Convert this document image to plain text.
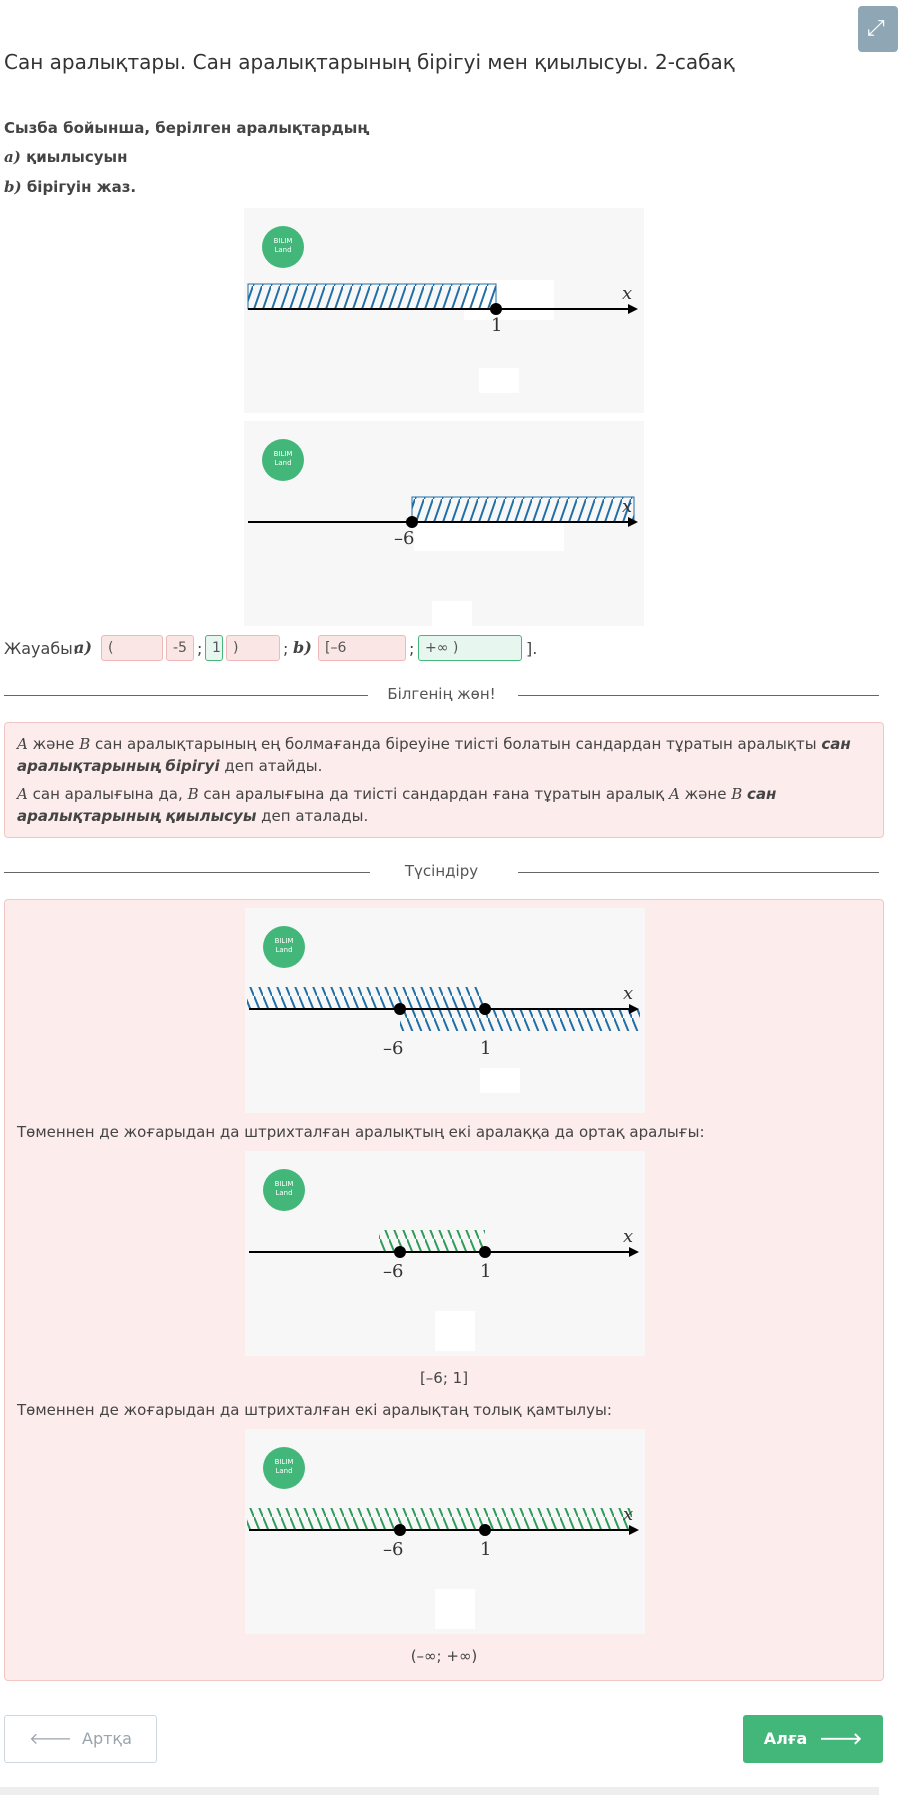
⤢
Сан аралықтары. Сан аралықтарының бірігуі мен қиылысуы. 2-сабақ
Сызба бойынша, берілген аралықтардың
a) қиылысуын
b) бірігуін жаз.
BILIM
Land
x
1
BILIM
Land
x
–6
Жауабы:
a)	(	-5 ; 1 )	; b) [–6	; +∞ )	].
Білгенің жөн!

A және B сан аралықтарының ең болмағанда біреуіне тиісті болатын сандардан тұратын аралықты сан аралықтарының бірігуі деп атайды.

A сан аралығына да, B сан аралығына да тиісті сандардан ғана тұратын аралық A және B сан аралықтарының қиылысуы деп аталады.

Түсіндіру
BILIM
Land
x
–6	1
Төменнен де жоғарыдан да штрихталған аралықтың екі аралаққа да ортақ аралығы:
BILIM
Land
x
–6	1
[–6; 1]
Төменнен де жоғарыдан да штрихталған екі аралықтаң толық қамтылуы:
BILIM
Land
x
–6	1
(–∞; +∞)
🡐 Артқа	Алға 🡒
